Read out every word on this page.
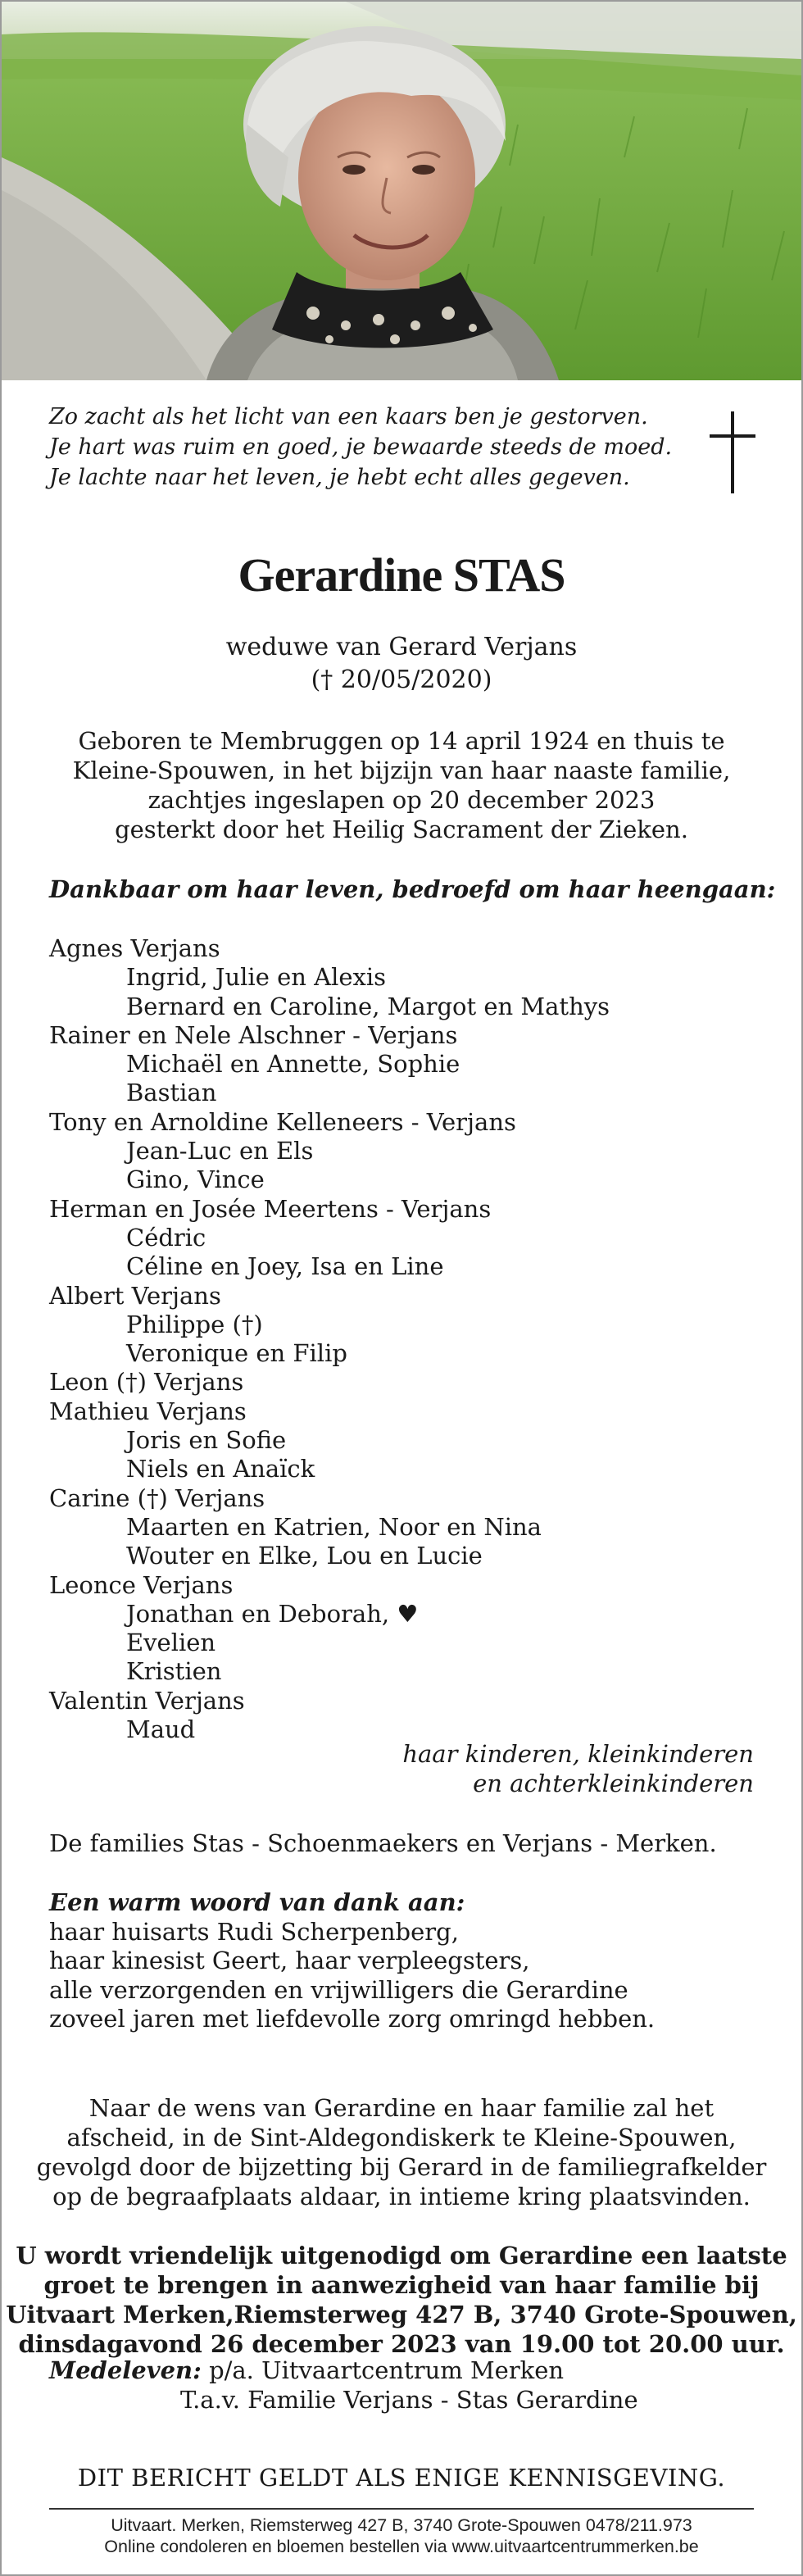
Zo zacht als het licht van een kaars ben je gestorven.
Je hart was ruim en goed, je bewaarde steeds de moed.
Je lachte naar het leven, je hebt echt alles gegeven.
Gerardine STAS
weduwe van Gerard Verjans
(† 20/05/2020)
Geboren te Membruggen op 14 april 1924 en thuis te
Kleine-Spouwen, in het bijzijn van haar naaste familie,
zachtjes ingeslapen op 20 december 2023
gesterkt door het Heilig Sacrament der Zieken.
Dankbaar om haar leven, bedroefd om haar heengaan:
Agnes Verjans
Ingrid, Julie en Alexis
Bernard en Caroline, Margot en Mathys
Rainer en Nele Alschner - Verjans
Michaël en Annette, Sophie
Bastian
Tony en Arnoldine Kelleneers - Verjans
Jean-Luc en Els
Gino, Vince
Herman en Josée Meertens - Verjans
Cédric
Céline en Joey, Isa en Line
Albert Verjans
Philippe (†)
Veronique en Filip
Leon (†) Verjans
Mathieu Verjans
Joris en Sofie
Niels en Anaïck
Carine (†) Verjans
Maarten en Katrien, Noor en Nina
Wouter en Elke, Lou en Lucie
Leonce Verjans
Jonathan en Deborah, ♥
Evelien
Kristien
Valentin Verjans
Maud
haar kinderen, kleinkinderen
en achterkleinkinderen
De families Stas - Schoenmaekers en Verjans - Merken.
Een warm woord van dank aan:
haar huisarts Rudi Scherpenberg,
haar kinesist Geert, haar verpleegsters,
alle verzorgenden en vrijwilligers die Gerardine
zoveel jaren met liefdevolle zorg omringd hebben.
Naar de wens van Gerardine en haar familie zal het
afscheid, in de Sint-Aldegondiskerk te Kleine-Spouwen,
gevolgd door de bijzetting bij Gerard in de familiegrafkelder
op de begraafplaats aldaar, in intieme kring plaatsvinden.
U wordt vriendelijk uitgenodigd om Gerardine een laatste
groet te brengen in aanwezigheid van haar familie bij
Uitvaart Merken,Riemsterweg 427 B, 3740 Grote-Spouwen,
dinsdagavond 26 december 2023 van 19.00 tot 20.00 uur.
Medeleven: p/a. Uitvaartcentrum Merken
T.a.v. Familie Verjans - Stas Gerardine
DIT BERICHT GELDT ALS ENIGE KENNISGEVING.
Uitvaart. Merken, Riemsterweg 427 B, 3740 Grote-Spouwen 0478/211.973
Online condoleren en bloemen bestellen via www.uitvaartcentrummerken.be
